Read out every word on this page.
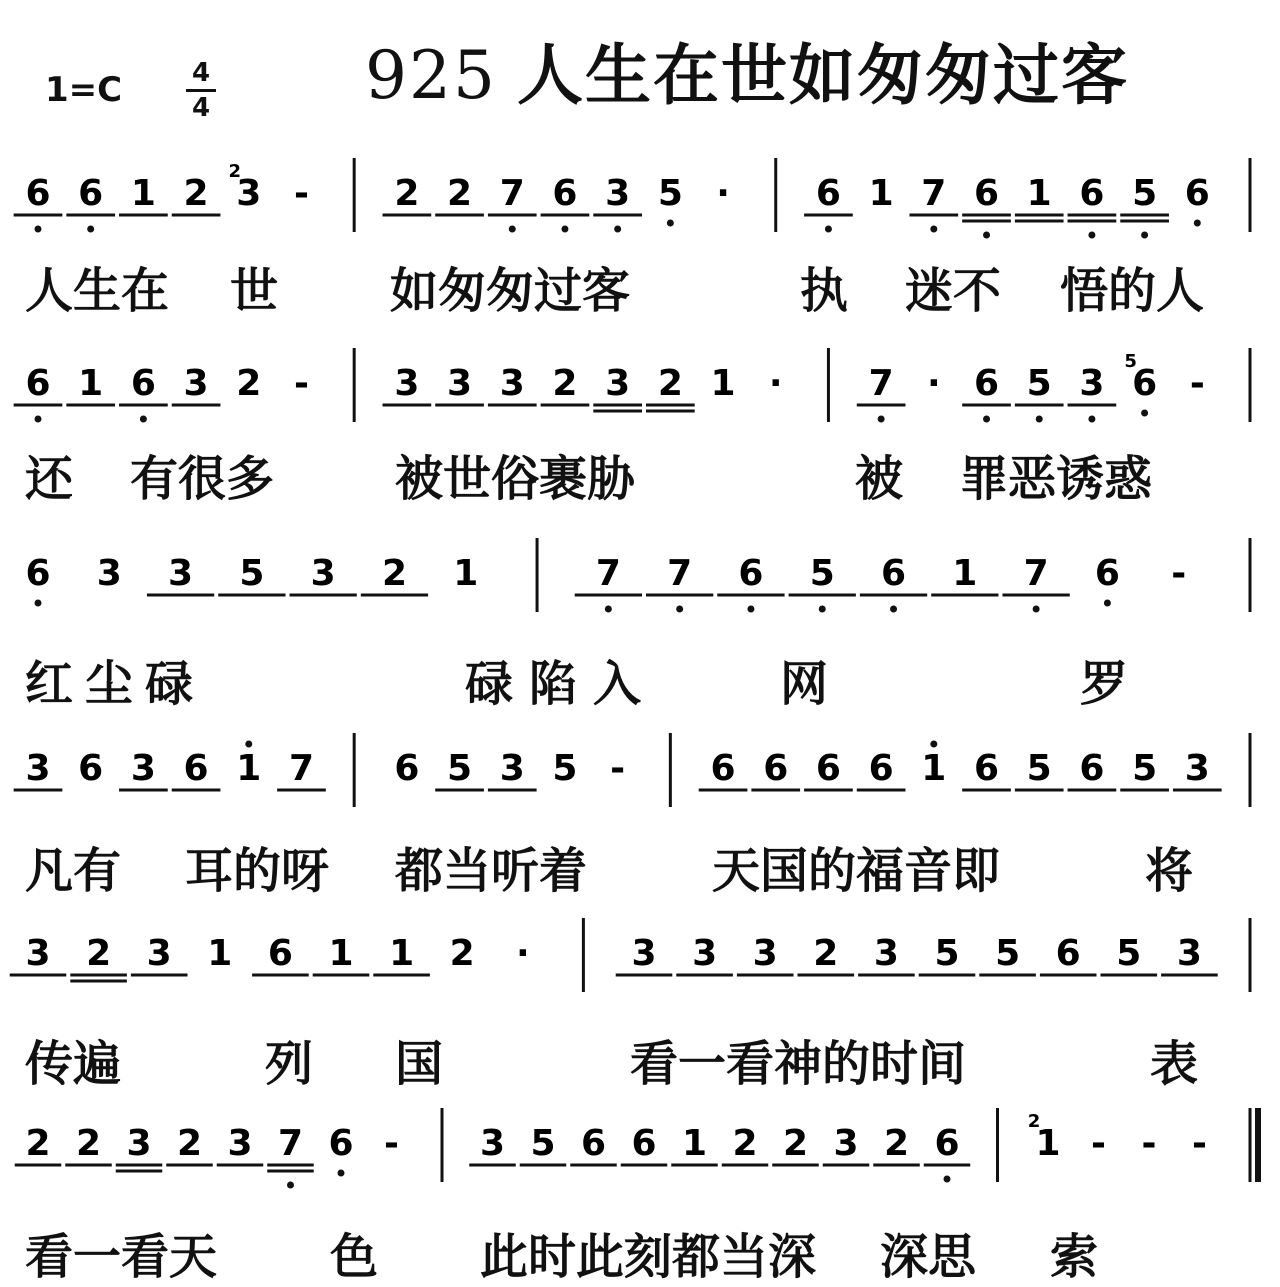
1=C	4
4 925 人生在世如匆匆过客
6 6 1 2 3
2
- 2 2 7 6 3 5 · 6 1 7 6 1 6 5 6
人生在 世 如匆匆过客	执 迷不 悟的人
6 1 6 3 2 - 3 3 3 2 3 2 1 · 7 · 6 5 3 6
5
-
还 有很多	被世俗裹胁	被 罪恶诱惑
6 3 3 5 3 2 1	7 7 6 5 6 1 7 6 -
红尘碌	碌陷入	网	罗
3 6 3 6 1 7 6 5 3 5 - 6 6 6 6 1 6 5 6 5 3
凡有 耳的呀 都当听着	天国的福音即	将
3 2 3 1 6 1 1 2 ·	3 3 3 2 3 5 5 6 5 3
传遍	列 国	看一看神的时间	表
2 2 3 2 3 7 6 - 3 5 6 6 1 2 2 3 2 6 1
2
- - -
看一看天 色 此时此刻都当深 深思 索
